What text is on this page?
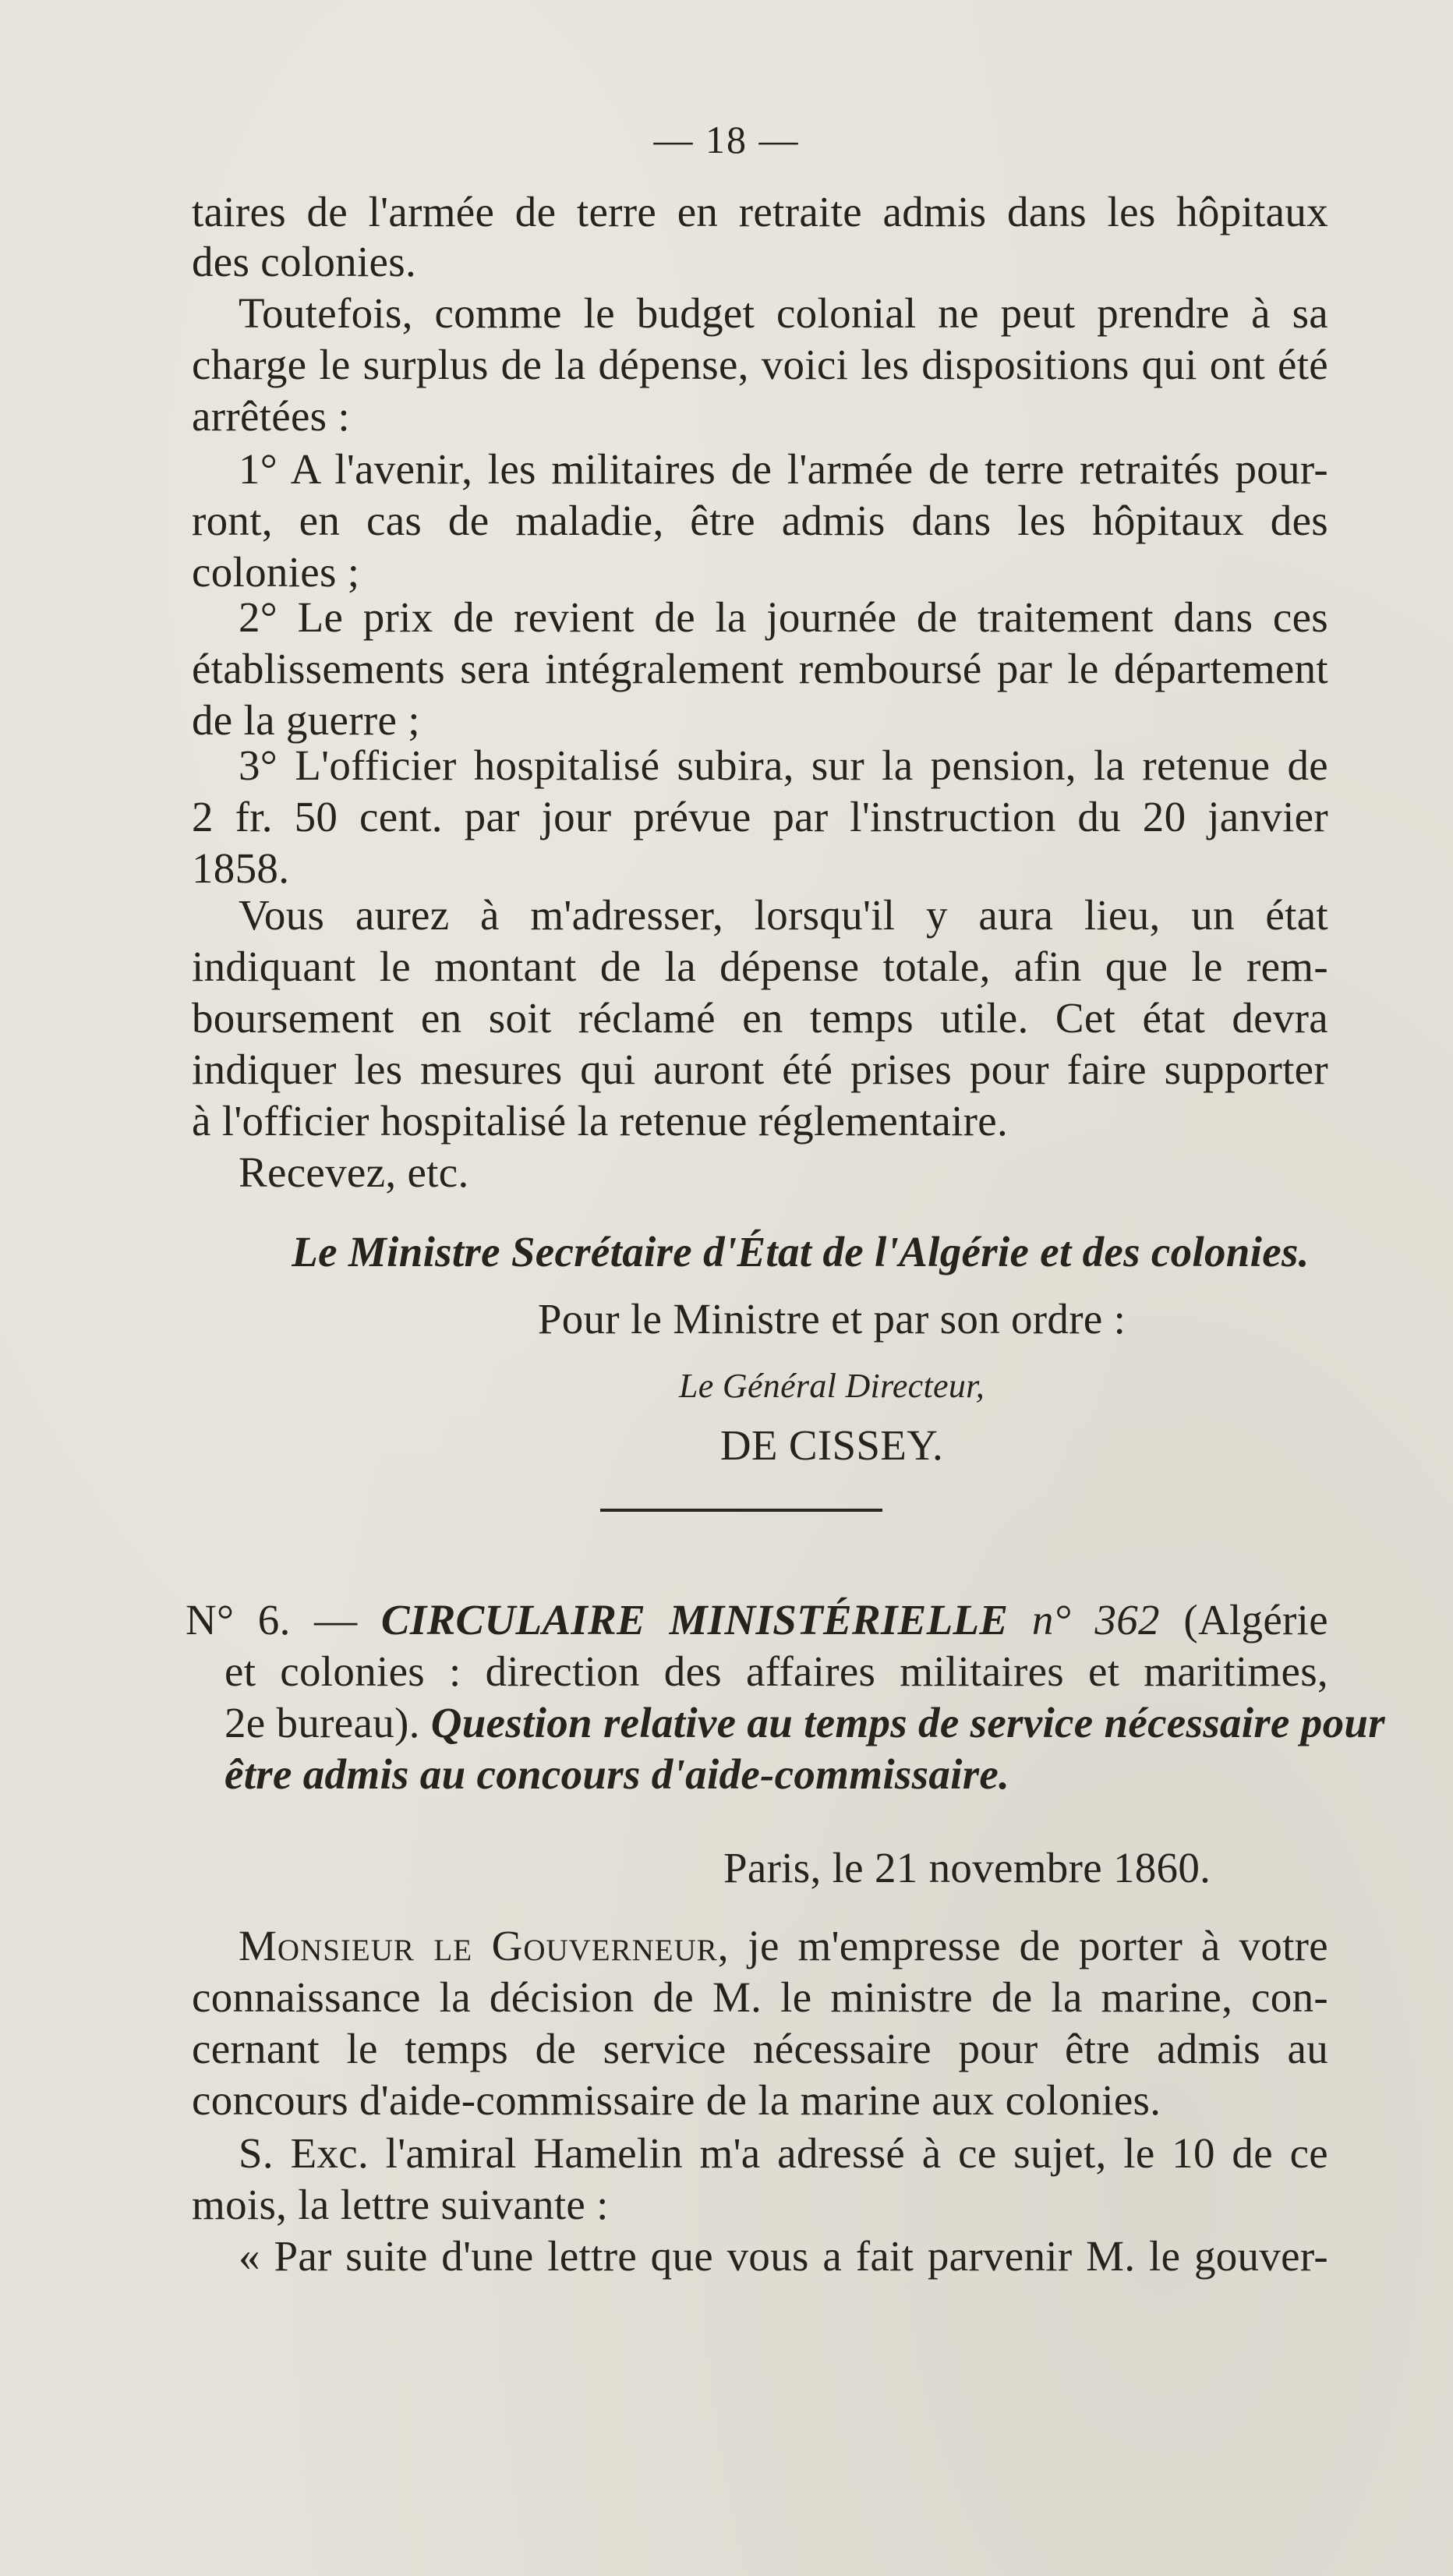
— 18 —
taires de l'armée de terre en retraite admis dans les hôpitaux
des colonies.
Toutefois, comme le budget colonial ne peut prendre à sa
charge le surplus de la dépense, voici les dispositions qui ont été
arrêtées :
1° A l'avenir, les militaires de l'armée de terre retraités pour-
ront, en cas de maladie, être admis dans les hôpitaux des
colonies ;
2° Le prix de revient de la journée de traitement dans ces
établissements sera intégralement remboursé par le département
de la guerre ;
3° L'officier hospitalisé subira, sur la pension, la retenue de
2 fr. 50 cent. par jour prévue par l'instruction du 20 janvier
1858.
Vous aurez à m'adresser, lorsqu'il y aura lieu, un état
indiquant le montant de la dépense totale, afin que le rem-
boursement en soit réclamé en temps utile. Cet état devra
indiquer les mesures qui auront été prises pour faire supporter
à l'officier hospitalisé la retenue réglementaire.
Recevez, etc.
Le Ministre Secrétaire d'État de l'Algérie et des colonies.
Pour le Ministre et par son ordre :
Le Général Directeur,
DE CISSEY.
N° 6. — CIRCULAIRE MINISTÉRIELLE n° 362 (Algérie
et colonies : direction des affaires militaires et maritimes,
2e bureau). Question relative au temps de service nécessaire pour
être admis au concours d'aide-commissaire.
Paris, le 21 novembre 1860.
Monsieur le Gouverneur, je m'empresse de porter à votre
connaissance la décision de M. le ministre de la marine, con-
cernant le temps de service nécessaire pour être admis au
concours d'aide-commissaire de la marine aux colonies.
S. Exc. l'amiral Hamelin m'a adressé à ce sujet, le 10 de ce
mois, la lettre suivante :
« Par suite d'une lettre que vous a fait parvenir M. le gouver-
